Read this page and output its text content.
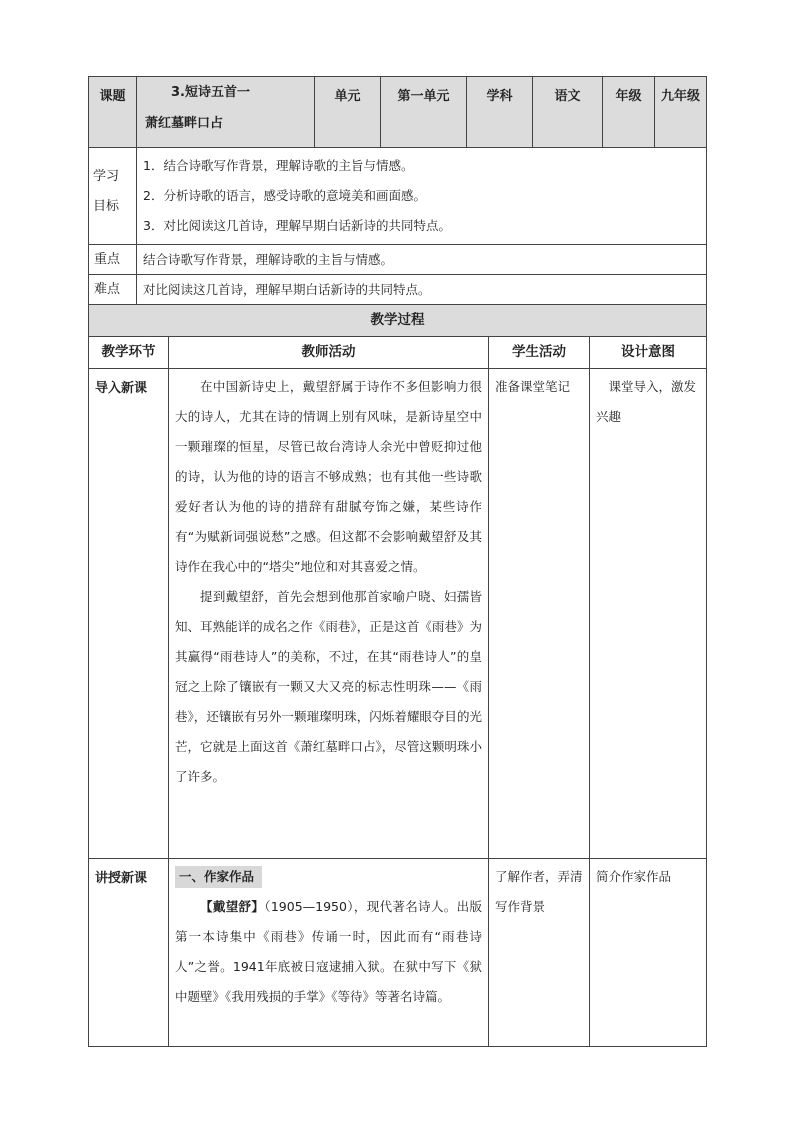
课题	3.短诗五首一
萧红墓畔口占	单元	第一单元	学科	语文	年级	九年级

学习目标	1．结合诗歌写作背景，理解诗歌的主旨与情感。
2．分析诗歌的语言，感受诗歌的意境美和画面感。
3．对比阅读这几首诗，理解早期白话新诗的共同特点。						

重点	结合诗歌写作背景，理解诗歌的主旨与情感。						
难点	对比阅读这几首诗，理解早期白话新诗的共同特点。						
教学过程							
教学环节	教师活动	学生活动	设计意图
导入新课	在中国新诗史上，戴望舒属于诗作不多但影响力很大的诗人，尤其在诗的情调上别有风味，是新诗星空中一颗璀璨的恒星，尽管已故台湾诗人余光中曾贬抑过他的诗，认为他的诗的语言不够成熟；也有其他一些诗歌爱好者认为他的诗的措辞有甜腻夸饰之嫌，某些诗作有“为赋新词强说愁”之感。但这都不会影响戴望舒及其诗作在我心中的“塔尖”地位和对其喜爱之情。

提到戴望舒，首先会想到他那首家喻户晓、妇孺皆知、耳熟能详的成名之作《雨巷》，正是这首《雨巷》为其赢得“雨巷诗人”的美称，不过，在其“雨巷诗人”的皇冠之上除了镶嵌有一颗又大又亮的标志性明珠——《雨巷》，还镶嵌有另外一颗璀璨明珠，闪烁着耀眼夺目的光芒，它就是上面这首《萧红墓畔口占》，尽管这颗明珠小了许多。	准备课堂笔记	课堂导入，激发兴趣

讲授新课	一、作家作品

【戴望舒】（1905—1950），现代著名诗人。出版第一本诗集中《雨巷》传诵一时，因此而有“雨巷诗人”之誉。1941年底被日寇逮捕入狱。在狱中写下《狱中题壁》《我用残损的手掌》《等待》等著名诗篇。	了解作者，弄清写作背景	简介作家作品
